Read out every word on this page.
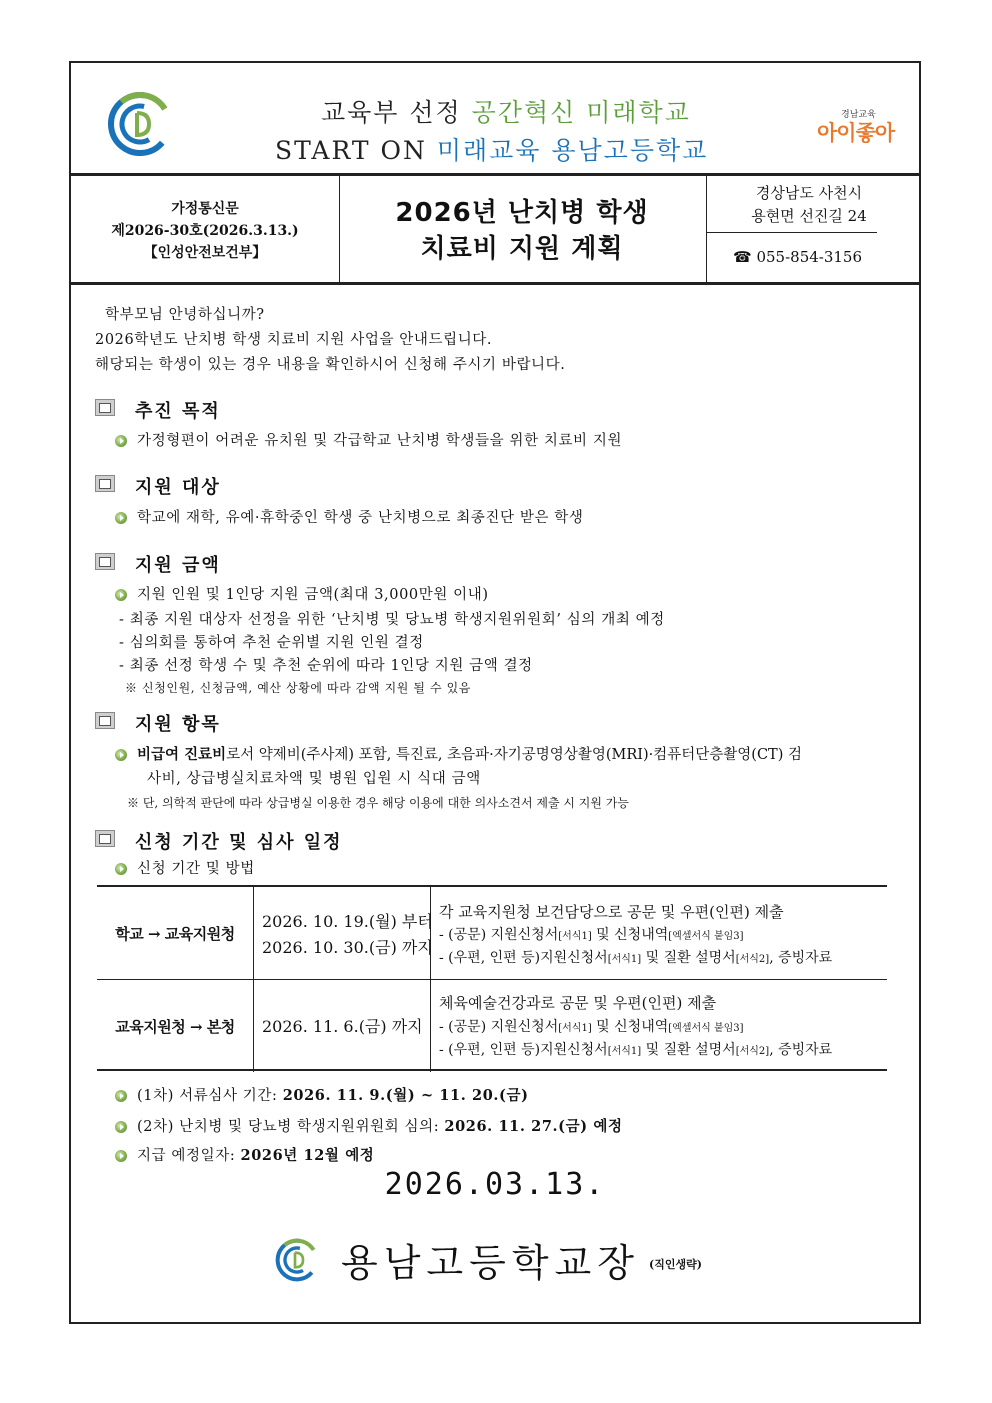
교육부 선정 공간혁신 미래학교
START ON 미래교육 용남고등학교
경남교육
아이좋아
가정통신문
제2026-30호(2026.3.13.)
【인성안전보건부】
2026년 난치병 학생
치료비 지원 계획
경상남도 사천시
용현면 선진길 24
☎ 055-854-3156
학부모님 안녕하십니까?
2026학년도 난치병 학생 치료비 지원 사업을 안내드립니다.
해당되는 학생이 있는 경우 내용을 확인하시어 신청해 주시기 바랍니다.
추진 목적
가정형편이 어려운 유치원 및 각급학교 난치병 학생들을 위한 치료비 지원
지원 대상
학교에 재학, 유예·휴학중인 학생 중 난치병으로 최종진단 받은 학생
지원 금액
지원 인원 및 1인당 지원 금액(최대 3,000만원 이내)
- 최종 지원 대상자 선정을 위한 ‘난치병 및 당뇨병 학생지원위원회’ 심의 개최 예정
- 심의회를 통하여 추천 순위별 지원 인원 결정
- 최종 선정 학생 수 및 추천 순위에 따라 1인당 지원 금액 결정
※ 신청인원, 신청금액, 예산 상황에 따라 감액 지원 될 수 있음
지원 항목
비급여 진료비로서 약제비(주사제) 포함, 특진료, 초음파·자기공명영상촬영(MRI)·컴퓨터단층촬영(CT) 검
사비, 상급병실치료차액 및 병원 입원 시 식대 금액
※ 단, 의학적 판단에 따라 상급병실 이용한 경우 해당 이용에 대한 의사소견서 제출 시 지원 가능
신청 기간 및 심사 일정
신청 기간 및 방법
학교 → 교육지원청
2026. 10. 19.(월) 부터
2026. 10. 30.(금) 까지
각 교육지원청 보건담당으로 공문 및 우편(인편) 제출
- (공문) 지원신청서[서식1] 및 신청내역[엑셀서식 붙임3]
- (우편, 인편 등)지원신청서[서식1] 및 질환 설명서[서식2], 증빙자료
교육지원청 → 본청	2026. 11. 6.(금) 까지
체육예술건강과로 공문 및 우편(인편) 제출
- (공문) 지원신청서[서식1] 및 신청내역[엑셀서식 붙임3]
- (우편, 인편 등)지원신청서[서식1] 및 질환 설명서[서식2], 증빙자료
(1차) 서류심사 기간: 2026. 11. 9.(월) ~ 11. 20.(금)
(2차) 난치병 및 당뇨병 학생지원위원회 심의: 2026. 11. 27.(금) 예정
지급 예정일자: 2026년 12월 예정
2026.03.13.
용남고등학교장 (직인생략)
